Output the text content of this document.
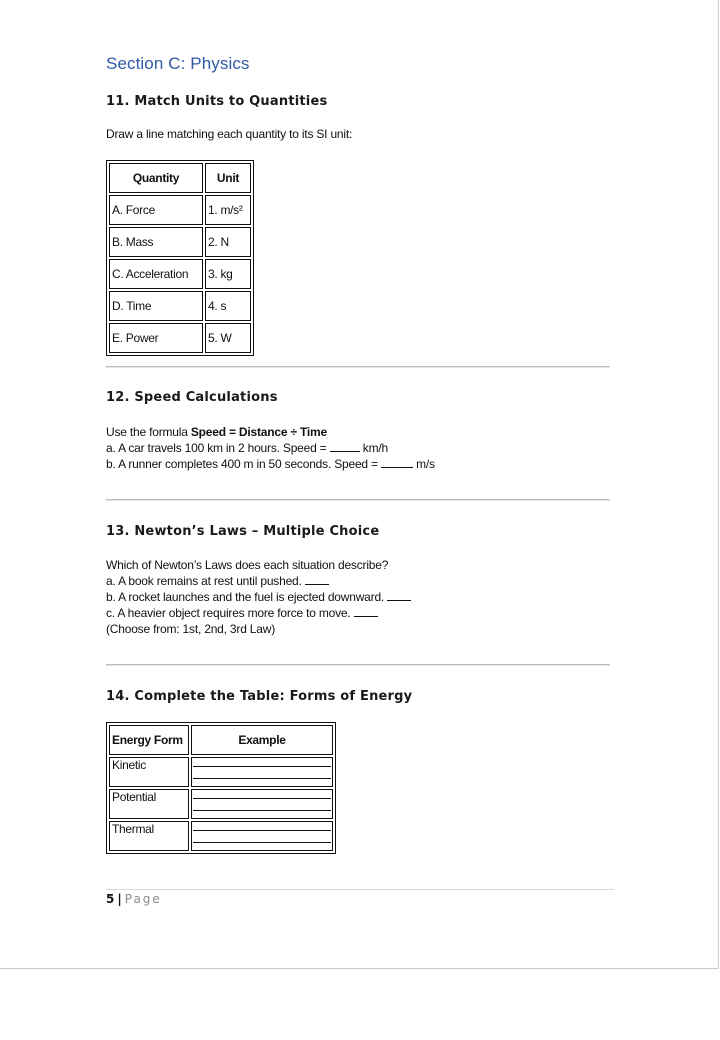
Section C: Physics
11. Match Units to Quantities
Draw a line matching each quantity to its SI unit:
Quantity	Unit
A. Force	1. m/s²
B. Mass	2. N
C. Acceleration	3. kg
D. Time	4. s
E. Power	5. W
12. Speed Calculations
Use the formula Speed = Distance ÷ Time
a. A car travels 100 km in 2 hours. Speed =	km/h
b. A runner completes 400 m in 50 seconds. Speed =	m/s
13. Newton’s Laws – Multiple Choice
Which of Newton’s Laws does each situation describe?
a. A book remains at rest until pushed.
b. A rocket launches and the fuel is ejected downward.
c. A heavier object requires more force to move.
(Choose from: 1st, 2nd, 3rd Law)
14. Complete the Table: Forms of Energy
Energy Form	Example
Kinetic	

Potential	

Thermal	
5 | Page
